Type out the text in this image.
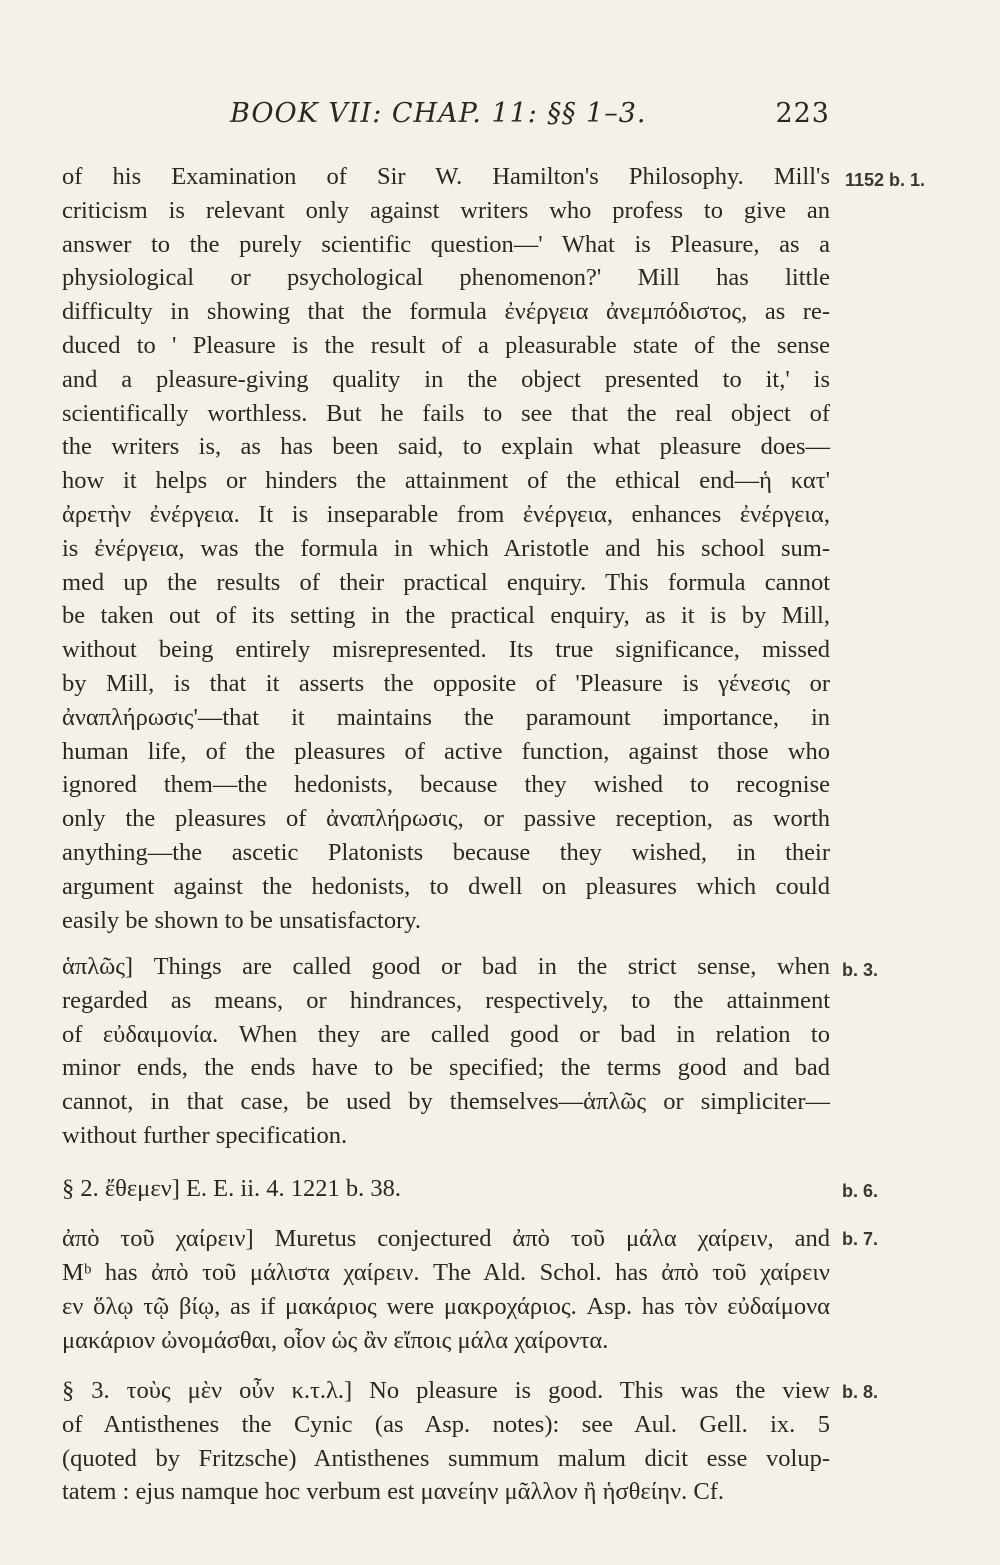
BOOK VII: CHAP. 11: §§ 1–3.	223
of his Examination of Sir W. Hamilton's Philosophy. Mill's
criticism is relevant only against writers who profess to give an
answer to the purely scientific question—' What is Pleasure, as a
physiological or psychological phenomenon?' Mill has little
difficulty in showing that the formula ἐνέργεια ἀνεμπόδιστος, as re-
duced to ' Pleasure is the result of a pleasurable state of the sense
and a pleasure-giving quality in the object presented to it,' is
scientifically worthless. But he fails to see that the real object of
the writers is, as has been said, to explain what pleasure does—
how it helps or hinders the attainment of the ethical end—ἡ κατ'
ἀρετὴν ἐνέργεια. It is inseparable from ἐνέργεια, enhances ἐνέργεια,
is ἐνέργεια, was the formula in which Aristotle and his school sum-
med up the results of their practical enquiry. This formula cannot
be taken out of its setting in the practical enquiry, as it is by Mill,
without being entirely misrepresented. Its true significance, missed
by Mill, is that it asserts the opposite of 'Pleasure is γένεσις or
ἀναπλήρωσις'—that it maintains the paramount importance, in
human life, of the pleasures of active function, against those who
ignored them—the hedonists, because they wished to recognise
only the pleasures of ἀναπλήρωσις, or passive reception, as worth
anything—the ascetic Platonists because they wished, in their
argument against the hedonists, to dwell on pleasures which could
easily be shown to be unsatisfactory.
ἁπλῶς] Things are called good or bad in the strict sense, when
regarded as means, or hindrances, respectively, to the attainment
of εὐδαιμονία. When they are called good or bad in relation to
minor ends, the ends have to be specified; the terms good and bad
cannot, in that case, be used by themselves—ἁπλῶς or simpliciter—
without further specification.
§ 2. ἔθεμεν] E. E. ii. 4. 1221 b. 38.
ἀπὸ τοῦ χαίρειν] Muretus conjectured ἀπὸ τοῦ μάλα χαίρειν, and
Mᵇ has ἀπὸ τοῦ μάλιστα χαίρειν. The Ald. Schol. has ἀπὸ τοῦ χαίρειν
εν ὅλῳ τῷ βίῳ, as if μακάριος were μακροχάριος. Asp. has τὸν εὐδαίμονα
μακάριον ὠνομάσθαι, οἷον ὡς ἂν εἴποις μάλα χαίροντα.
§ 3. τοὺς μὲν οὖν κ.τ.λ.] No pleasure is good. This was the view
of Antisthenes the Cynic (as Asp. notes): see Aul. Gell. ix. 5
(quoted by Fritzsche) Antisthenes summum malum dicit esse volup-
tatem : ejus namque hoc verbum est μανείην μᾶλλον ἢ ἡσθείην. Cf.
1152 b. 1.
b. 3.
b. 6.
b. 7.
b. 8.
